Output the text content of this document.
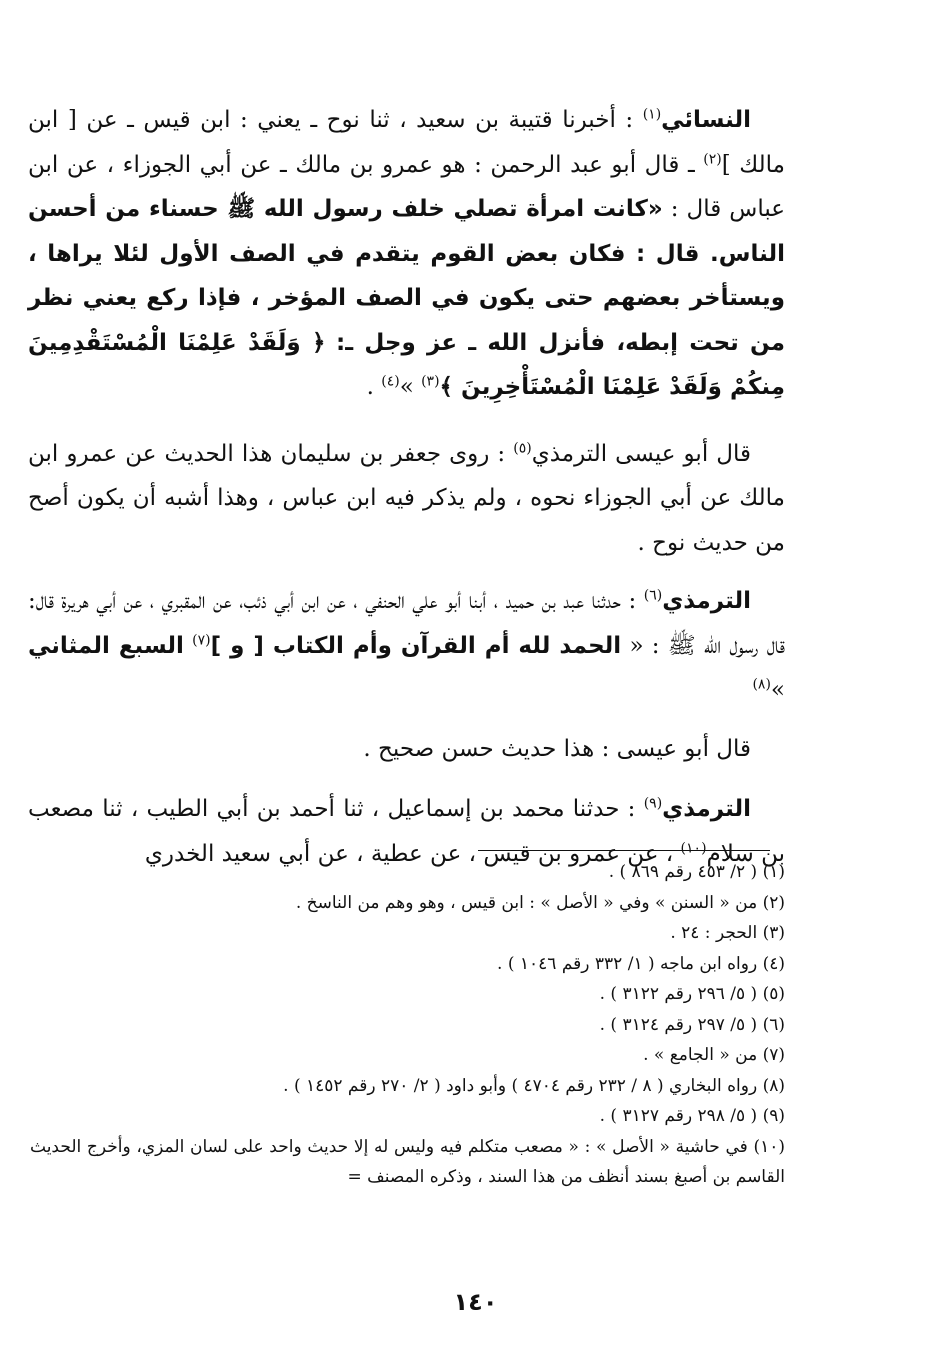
النسائي$^{(١)}$ : أخبرنا قتيبة بن سعيد ، ثنا نوح ـ يعني : ابن قيس ـ عن [ ابن مالك ]$^{(٢)}$ ـ قال أبو عبد الرحمن : هو عمرو بن مالك ـ عن أبي الجوزاء ، عن ابن عباس قال : «كانت امرأة تصلي خلف رسول الله ﷺ حسناء من أحسن الناس. قال : فكان بعض القوم يتقدم في الصف الأول لئلا يراها ، ويستأخر بعضهم حتى يكون في الصف المؤخر ، فإذا ركع يعني نظر من تحت إبطه، فأنزل الله ـ عز وجل ـ: ﴿ وَلَقَدْ عَلِمْنَا الْمُسْتَقْدِمِينَ مِنكُمْ وَلَقَدْ عَلِمْنَا الْمُسْتَأْخِرِينَ ﴾$^{(٣)}$ »$^{(٤)}$ .

قال أبو عيسى الترمذي$^{(٥)}$ : روى جعفر بن سليمان هذا الحديث عن عمرو ابن مالك عن أبي الجوزاء نحوه ، ولم يذكر فيه ابن عباس ، وهذا أشبه أن يكون أصح من حديث نوح .

الترمذي$^{(٦)}$ : حدثنا عبد بن حميد ، أبنا أبو علي الحنفي ، عن ابن أبي ذئب، عن المقبري ، عن أبي هريرة قال: قال رسول الله ﷺ : « الحمد لله أم القرآن وأم الكتاب [ و ]$^{(٧)}$ السبع المثاني »$^{(٨)}$

قال أبو عيسى : هذا حديث حسن صحيح .

الترمذي$^{(٩)}$ : حدثنا محمد بن إسماعيل ، ثنا أحمد بن أبي الطيب ، ثنا مصعب بن سلام$^{(١٠)}$ ، عن عمرو بن قيس ، عن عطية ، عن أبي سعيد الخدري

(١) ( ٢/ ٤٥٣ رقم ٨٦٩ ) .

(٢) من « السنن » وفي « الأصل » : ابن قيس ، وهو وهم من الناسخ .

(٣) الحجر : ٢٤ .

(٤) رواه ابن ماجه ( ١/ ٣٣٢ رقم ١٠٤٦ ) .

(٥) ( ٥/ ٢٩٦ رقم ٣١٢٢ ) .

(٦) ( ٥/ ٢٩٧ رقم ٣١٢٤ ) .

(٧) من « الجامع » .

(٨) رواه البخاري ( ٨ / ٢٣٢ رقم ٤٧٠٤ ) وأبو داود ( ٢/ ٢٧٠ رقم ١٤٥٢ ) .

(٩) ( ٥/ ٢٩٨ رقم ٣١٢٧ ) .

(١٠) في حاشية « الأصل » : « مصعب متكلم فيه وليس له إلا حديث واحد على لسان المزي، وأخرج الحديث القاسم بن أصبغ بسند أنظف من هذا السند ، وذكره المصنف =

١٤٠
